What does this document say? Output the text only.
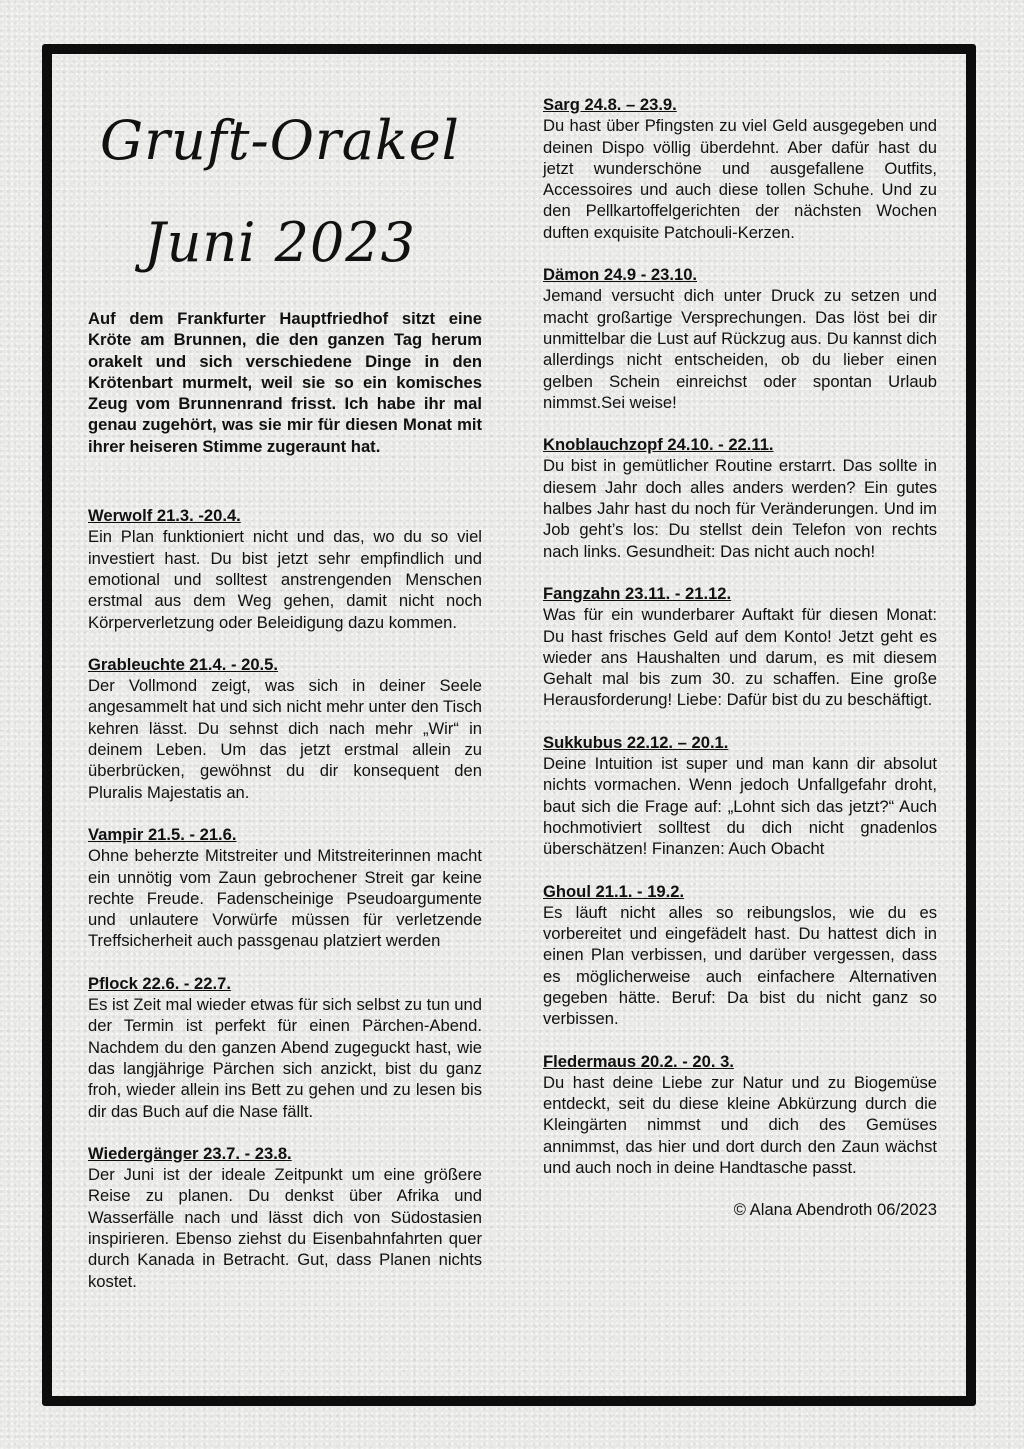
Gruft-Orakel
Juni 2023
Auf dem Frankfurter Hauptfriedhof sitzt eine Kröte am Brunnen, die den ganzen Tag herum orakelt und sich verschiedene Dinge in den Krötenbart murmelt, weil sie so ein komisches Zeug vom Brunnenrand frisst. Ich habe ihr mal genau zugehört, was sie mir für diesen Monat mit ihrer heiseren Stimme zugeraunt hat.
Werwolf 21.3. -20.4.
Ein Plan funktioniert nicht und das, wo du so viel investiert hast. Du bist jetzt sehr empfindlich und emotional und solltest anstrengenden Menschen erstmal aus dem Weg gehen, damit nicht noch Körperverletzung oder Beleidigung dazu kommen.
Grableuchte 21.4. - 20.5.
Der Vollmond zeigt, was sich in deiner Seele angesammelt hat und sich nicht mehr unter den Tisch kehren lässt. Du sehnst dich nach mehr „Wir“ in deinem Leben. Um das jetzt erstmal allein zu überbrücken, gewöhnst du dir konsequent den Pluralis Majestatis an.
Vampir 21.5. - 21.6.
Ohne beherzte Mitstreiter und Mitstreiterinnen macht ein unnötig vom Zaun gebrochener Streit gar keine rechte Freude. Fadenscheinige Pseudoargumente und unlautere Vorwürfe müssen für verletzende Treffsicherheit auch passgenau platziert werden
Pflock 22.6. - 22.7.
Es ist Zeit mal wieder etwas für sich selbst zu tun und der Termin ist perfekt für einen Pärchen-Abend. Nachdem du den ganzen Abend zugeguckt hast, wie das langjährige Pärchen sich anzickt, bist du ganz froh, wieder allein ins Bett zu gehen und zu lesen bis dir das Buch auf die Nase fällt.
Wiedergänger 23.7. - 23.8.
Der Juni ist der ideale Zeitpunkt um eine größere Reise zu planen. Du denkst über Afrika und Wasserfälle nach und lässt dich von Südostasien inspirieren. Ebenso ziehst du Eisenbahnfahrten quer durch Kanada in Betracht. Gut, dass Planen nichts kostet.
Sarg 24.8. – 23.9.
Du hast über Pfingsten zu viel Geld ausgegeben und deinen Dispo völlig überdehnt. Aber dafür hast du jetzt wunderschöne und ausgefallene Outfits, Accessoires und auch diese tollen Schuhe. Und zu den Pellkartoffelgerichten der nächsten Wochen duften exquisite Patchouli-Kerzen.
Dämon 24.9 - 23.10.
Jemand versucht dich unter Druck zu setzen und macht großartige Versprechungen. Das löst bei dir unmittelbar die Lust auf Rückzug aus. Du kannst dich allerdings nicht entscheiden, ob du lieber einen gelben Schein einreichst oder spontan Urlaub nimmst.Sei weise!
Knoblauchzopf 24.10. - 22.11.
Du bist in gemütlicher Routine erstarrt. Das sollte in diesem Jahr doch alles anders werden? Ein gutes halbes Jahr hast du noch für Veränderungen. Und im Job geht’s los: Du stellst dein Telefon von rechts nach links. Gesundheit: Das nicht auch noch!
Fangzahn 23.11. - 21.12.
Was für ein wunderbarer Auftakt für diesen Monat: Du hast frisches Geld auf dem Konto! Jetzt geht es wieder ans Haushalten und darum, es mit diesem Gehalt mal bis zum 30. zu schaffen. Eine große Herausforderung! Liebe: Dafür bist du zu beschäftigt.
Sukkubus 22.12. – 20.1.
Deine Intuition ist super und man kann dir absolut nichts vormachen. Wenn jedoch Unfallgefahr droht, baut sich die Frage auf: „Lohnt sich das jetzt?“ Auch hochmotiviert solltest du dich nicht gnadenlos überschätzen! Finanzen: Auch Obacht
Ghoul 21.1. - 19.2.
Es läuft nicht alles so reibungslos, wie du es vorbereitet und eingefädelt hast. Du hattest dich in einen Plan verbissen, und darüber vergessen, dass es möglicherweise auch einfachere Alternativen gegeben hätte. Beruf: Da bist du nicht ganz so verbissen.
Fledermaus 20.2. - 20. 3.
Du hast deine Liebe zur Natur und zu Biogemüse entdeckt, seit du diese kleine Abkürzung durch die Kleingärten nimmst und dich des Gemüses annimmst, das hier und dort durch den Zaun wächst und auch noch in deine Handtasche passt.
© Alana Abendroth 06/2023
